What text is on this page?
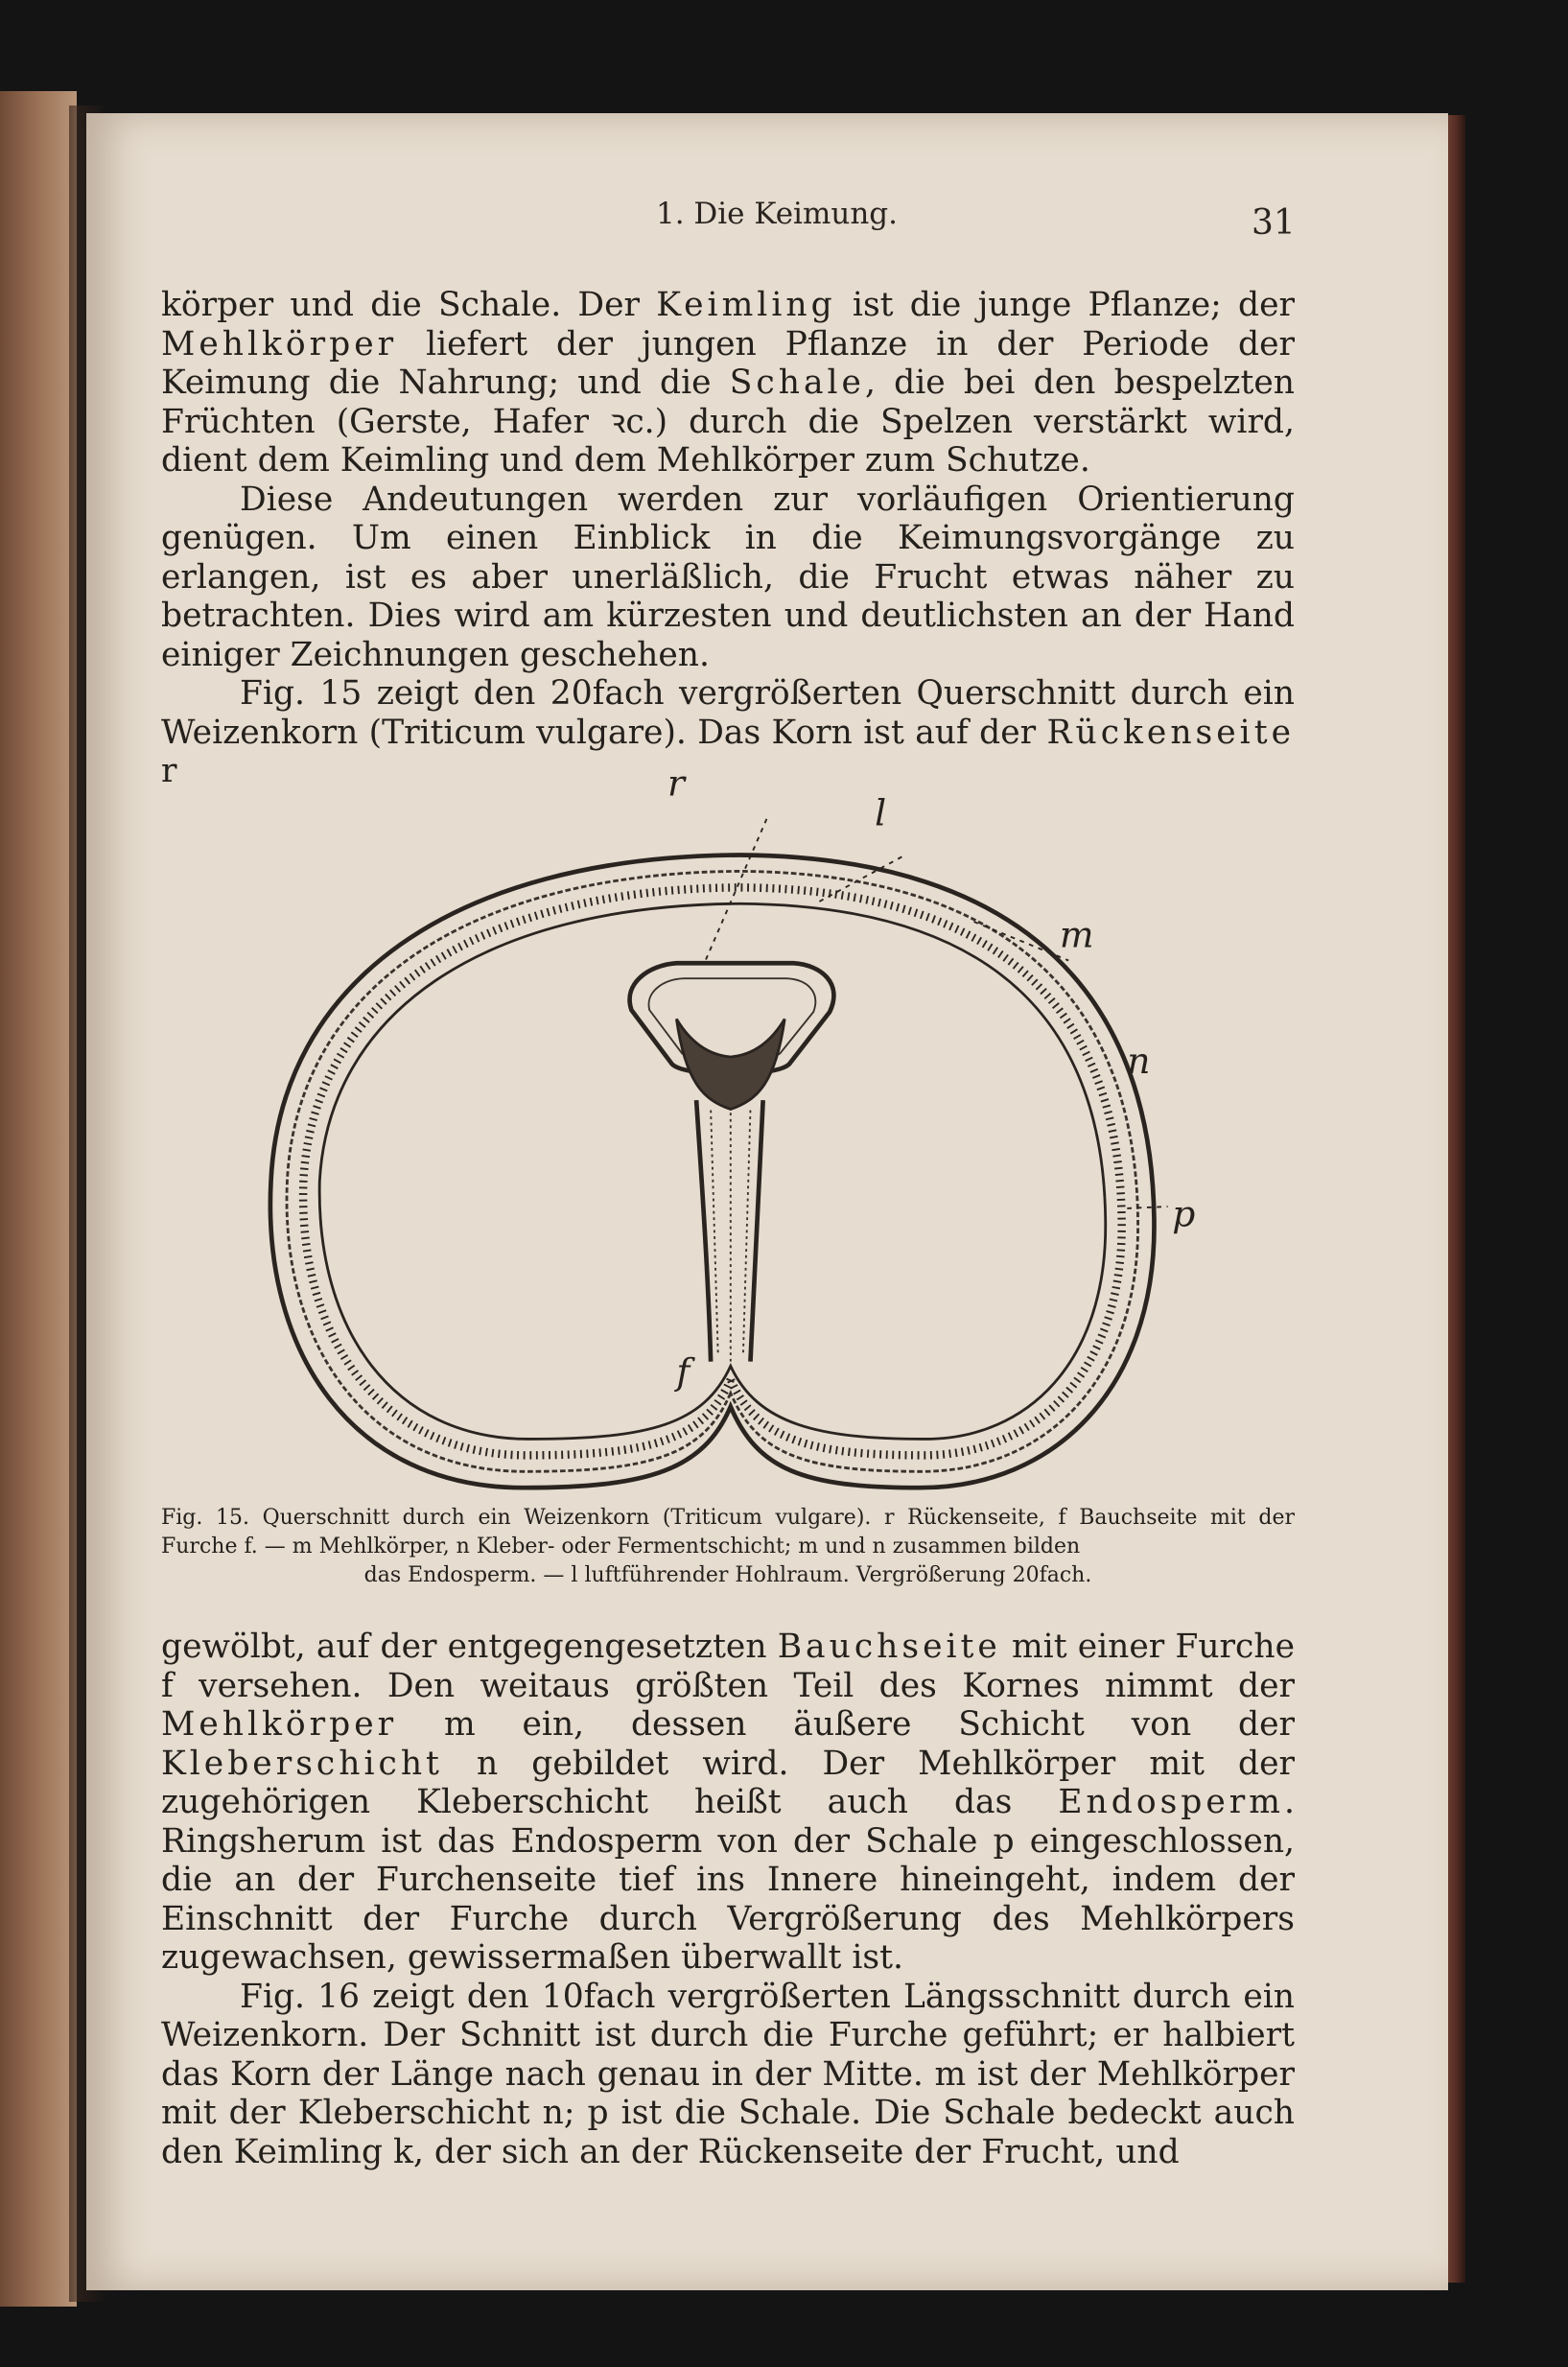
1. Die Keimung.	31

körper und die Schale. Der Keimling ist die junge Pflanze; der Mehlkörper liefert der jungen Pflanze in der Periode der Keimung die Nahrung; und die Schale, die bei den bespelzten Früchten (Gerste, Hafer ꝛc.) durch die Spelzen verstärkt wird, dient dem Keimling und dem Mehlkörper zum Schutze.

Diese Andeutungen werden zur vorläufigen Orientierung genügen. Um einen Einblick in die Keimungsvorgänge zu erlangen, ist es aber unerläßlich, die Frucht etwas näher zu betrachten. Dies wird am kürzesten und deutlichsten an der Hand einiger Zeichnungen geschehen.

Fig. 15 zeigt den 20fach vergrößerten Querschnitt durch ein Weizenkorn (Triticum vulgare). Das Korn ist auf der Rückenseite r	r
l
m
n
p
f
Fig. 15. Querschnitt durch ein Weizenkorn (Triticum vulgare). r Rückenseite, f Bauchseite mit der Furche f. — m Mehlkörper, n Kleber- oder Fermentschicht; m und n zusammen bilden
das Endosperm. — l luftführender Hohlraum. Vergrößerung 20fach.

gewölbt, auf der entgegengesetzten Bauchseite mit einer Furche f versehen. Den weitaus größten Teil des Kornes nimmt der Mehlkörper m ein, dessen äußere Schicht von der Kleberschicht n gebildet wird. Der Mehlkörper mit der zugehörigen Kleberschicht heißt auch das Endosperm. Ringsherum ist das Endosperm von der Schale p eingeschlossen, die an der Furchenseite tief ins Innere hineingeht, indem der Einschnitt der Furche durch Vergrößerung des Mehlkörpers zugewachsen, gewissermaßen überwallt ist.

Fig. 16 zeigt den 10fach vergrößerten Längsschnitt durch ein Weizenkorn. Der Schnitt ist durch die Furche geführt; er halbiert das Korn der Länge nach genau in der Mitte. m ist der Mehlkörper mit der Kleberschicht n; p ist die Schale. Die Schale bedeckt auch den Keimling k, der sich an der Rückenseite der Frucht, und
